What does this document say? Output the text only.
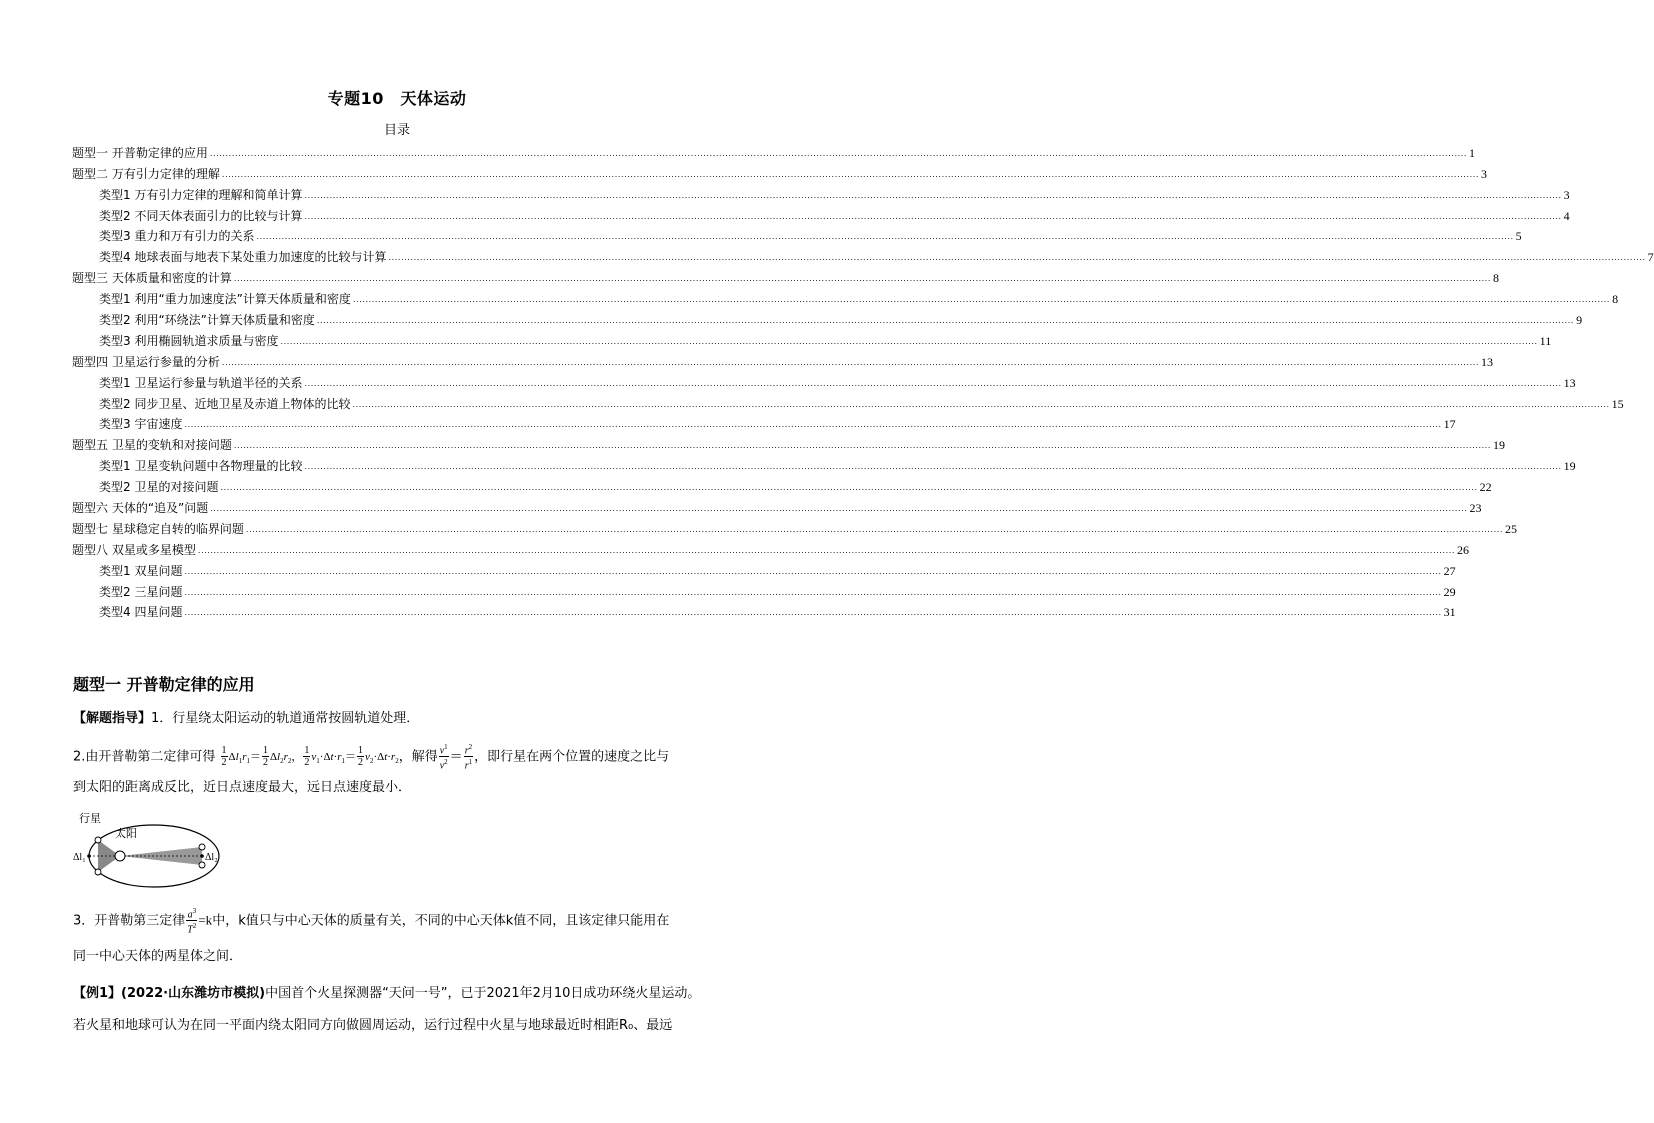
专题10　天体运动
目录
题型一 开普勒定律的应用 ................................................................................................................................................................................................................................................................................................................................................................................................................ 1
题型二 万有引力定律的理解 ................................................................................................................................................................................................................................................................................................................................................................................................................ 3
类型1 万有引力定律的理解和简单计算 ................................................................................................................................................................................................................................................................................................................................................................................................................ 3
类型2 不同天体表面引力的比较与计算 ................................................................................................................................................................................................................................................................................................................................................................................................................ 4
类型3 重力和万有引力的关系 ................................................................................................................................................................................................................................................................................................................................................................................................................ 5
类型4 地球表面与地表下某处重力加速度的比较与计算 ................................................................................................................................................................................................................................................................................................................................................................................................................ 7
题型三 天体质量和密度的计算 ................................................................................................................................................................................................................................................................................................................................................................................................................ 8
类型1 利用“重力加速度法”计算天体质量和密度 ................................................................................................................................................................................................................................................................................................................................................................................................................ 8
类型2 利用“环绕法”计算天体质量和密度 ................................................................................................................................................................................................................................................................................................................................................................................................................ 9
类型3 利用椭圆轨道求质量与密度 ................................................................................................................................................................................................................................................................................................................................................................................................................ 11
题型四 卫星运行参量的分析 ................................................................................................................................................................................................................................................................................................................................................................................................................ 13
类型1 卫星运行参量与轨道半径的关系 ................................................................................................................................................................................................................................................................................................................................................................................................................ 13
类型2 同步卫星、近地卫星及赤道上物体的比较 ................................................................................................................................................................................................................................................................................................................................................................................................................ 15
类型3 宇宙速度 ................................................................................................................................................................................................................................................................................................................................................................................................................ 17
题型五 卫星的变轨和对接问题 ................................................................................................................................................................................................................................................................................................................................................................................................................ 19
类型1 卫星变轨问题中各物理量的比较 ................................................................................................................................................................................................................................................................................................................................................................................................................ 19
类型2 卫星的对接问题 ................................................................................................................................................................................................................................................................................................................................................................................................................ 22
题型六 天体的“追及”问题 ................................................................................................................................................................................................................................................................................................................................................................................................................ 23
题型七 星球稳定自转的临界问题 ................................................................................................................................................................................................................................................................................................................................................................................................................ 25
题型八 双星或多星模型 ................................................................................................................................................................................................................................................................................................................................................................................................................ 26
类型1 双星问题 ................................................................................................................................................................................................................................................................................................................................................................................................................ 27
类型2 三星问题 ................................................................................................................................................................................................................................................................................................................................................................................................................ 29
类型4 四星问题 ................................................................................................................................................................................................................................................................................................................................................................................................................ 31
题型一 开普勒定律的应用
【解题指导】1．行星绕太阳运动的轨道通常按圆轨道处理．
2.由开普勒第二定律可得 $\frac{1}{2} \Delta l_1r_1= \frac{1}{2} \Delta l_2r_2$， $\frac{1}{2} v_1\cdot\Delta t\cdot r_1= \frac{1}{2} v_2\cdot\Delta t\cdot r_2$，解得 $\frac{v^1}{v^2} = \frac{r^2}{r^1}$ ，即行星在两个位置的速度之比与
到太阳的距离成反比，近日点速度最大，远日点速度最小．
行星
太阳
Δl₁	Δl₂
3．开普勒第三定律 $\frac{a^3}{T^2} =k$中，k值只与中心天体的质量有关，不同的中心天体k值不同，且该定律只能用在
同一中心天体的两星体之间．
【例1】(2022·山东潍坊市模拟)中国首个火星探测器“天问一号”，已于2021年2月10日成功环绕火星运动。
若火星和地球可认为在同一平面内绕太阳同方向做圆周运动，运行过程中火星与地球最近时相距R₀、最远
